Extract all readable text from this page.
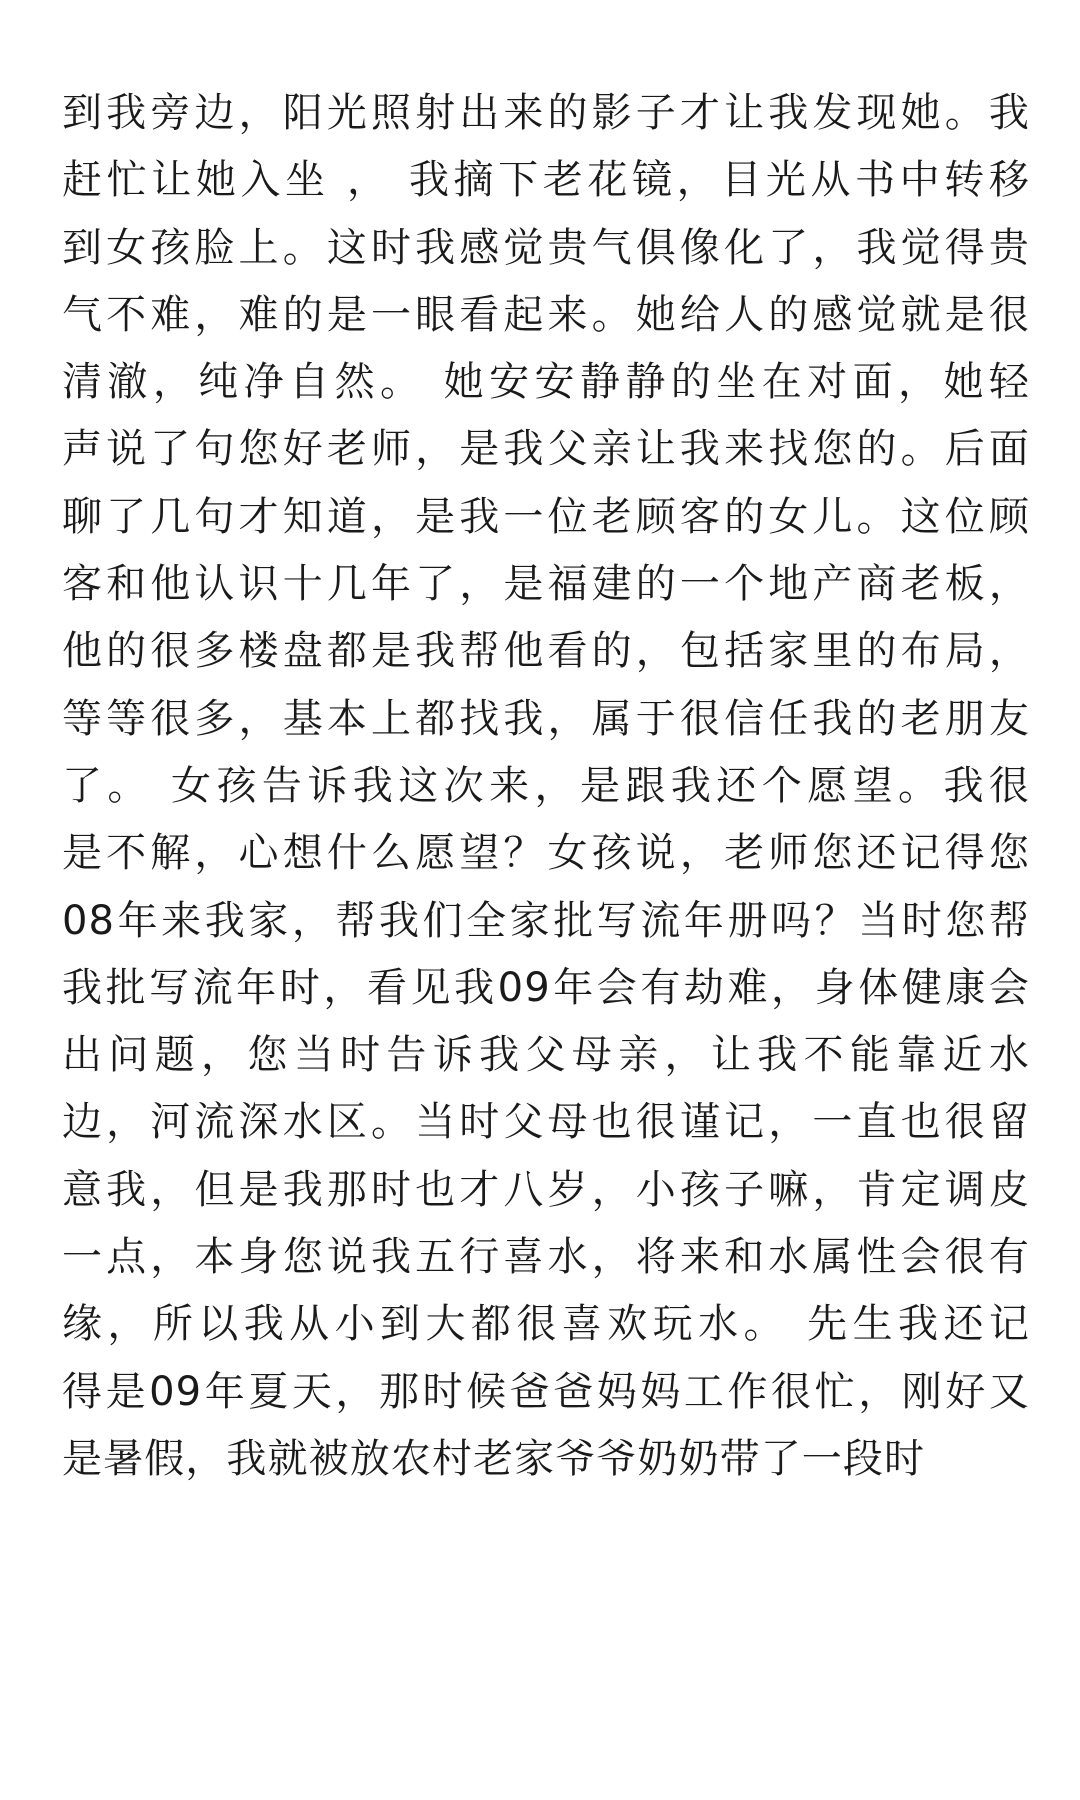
到我旁边，阳光照射出来的影子才让我发现她。我
赶忙让她入坐 ， 我摘下老花镜，目光从书中转移
到女孩脸上。这时我感觉贵气俱像化了，我觉得贵
气不难，难的是一眼看起来。她给人的感觉就是很
清澈，纯净自然。 她安安静静的坐在对面，她轻
声说了句您好老师，是我父亲让我来找您的。后面
聊了几句才知道，是我一位老顾客的女儿。这位顾
客和他认识十几年了，是福建的一个地产商老板，
他的很多楼盘都是我帮他看的，包括家里的布局，
等等很多，基本上都找我，属于很信任我的老朋友
了。 女孩告诉我这次来，是跟我还个愿望。我很
是不解，心想什么愿望？女孩说，老师您还记得您
08年来我家，帮我们全家批写流年册吗？当时您帮
我批写流年时，看见我09年会有劫难，身体健康会
出问题，您当时告诉我父母亲，让我不能靠近水
边，河流深水区。当时父母也很谨记，一直也很留
意我，但是我那时也才八岁，小孩子嘛，肯定调皮
一点，本身您说我五行喜水，将来和水属性会很有
缘，所以我从小到大都很喜欢玩水。 先生我还记
得是09年夏天，那时候爸爸妈妈工作很忙，刚好又
是暑假，我就被放农村老家爷爷奶奶带了一段时
